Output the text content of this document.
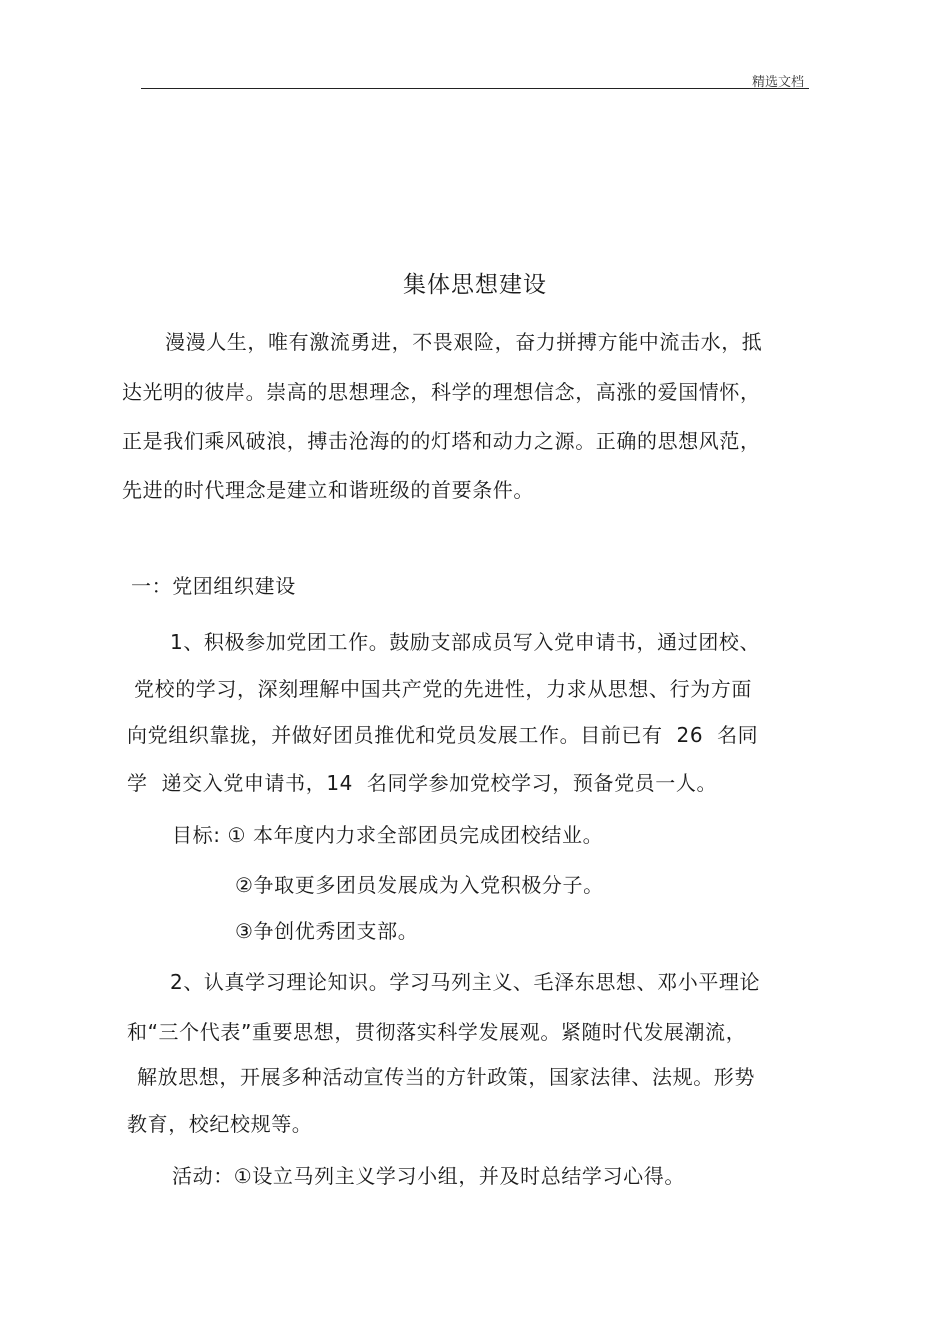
精选文档
集体思想建设
漫漫人生，唯有激流勇进，不畏艰险，奋力拼搏方能中流击水，抵
达光明的彼岸。崇高的思想理念，科学的理想信念，高涨的爱国情怀，
正是我们乘风破浪，搏击沧海的的灯塔和动力之源。正确的思想风范，
先进的时代理念是建立和谐班级的首要条件。
一：党团组织建设
1、积极参加党团工作。鼓励支部成员写入党申请书，通过团校、
党校的学习，深刻理解中国共产党的先进性，力求从思想、行为方面
向党组织靠拢，并做好团员推优和党员发展工作。目前已有  26  名同
学  递交入党申请书，14  名同学参加党校学习，预备党员一人。
目标: ① 本年度内力求全部团员完成团校结业。
②争取更多团员发展成为入党积极分子。
③争创优秀团支部。
2、认真学习理论知识。学习马列主义、毛泽东思想、邓小平理论
和“三个代表”重要思想，贯彻落实科学发展观。紧随时代发展潮流，
解放思想，开展多种活动宣传当的方针政策，国家法律、法规。形势
教育，校纪校规等。
活动：①设立马列主义学习小组，并及时总结学习心得。
